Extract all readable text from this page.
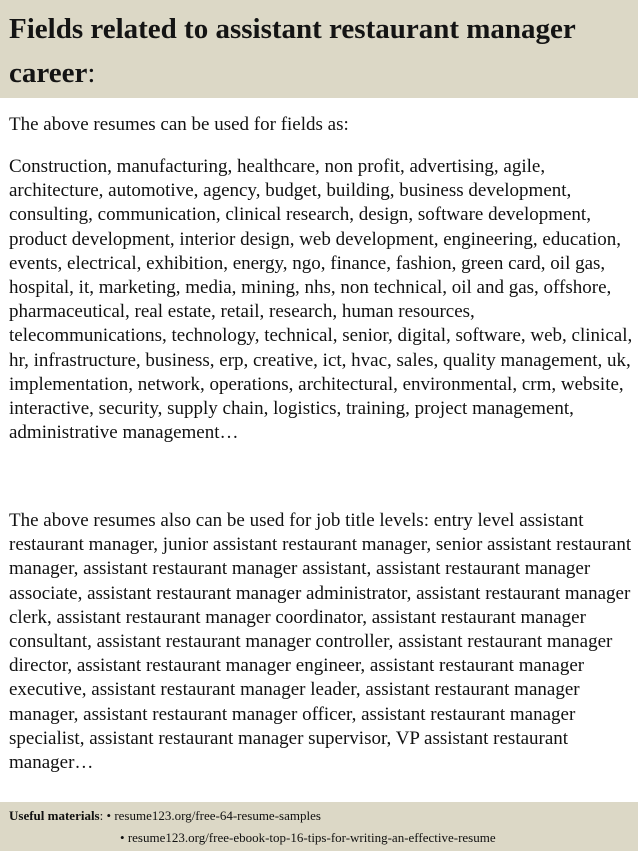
Fields related to assistant restaurant manager career:

The above resumes can be used for fields as:

Construction, manufacturing, healthcare, non profit, advertising, agile, architecture, automotive, agency, budget, building, business development, consulting, communication, clinical research, design, software development, product development, interior design, web development, engineering, education, events, electrical, exhibition, energy, ngo, finance, fashion, green card, oil gas, hospital, it, marketing, media, mining, nhs, non technical, oil and gas, offshore, pharmaceutical, real estate, retail, research, human resources, telecommunications, technology, technical, senior, digital, software, web, clinical, hr, infrastructure, business, erp, creative, ict, hvac, sales, quality management, uk, implementation, network, operations, architectural, environmental, crm, website, interactive, security, supply chain, logistics, training, project management, administrative management…

The above resumes also can be used for job title levels: entry level assistant restaurant manager, junior assistant restaurant manager, senior assistant restaurant manager, assistant restaurant manager assistant, assistant restaurant manager associate, assistant restaurant manager administrator, assistant restaurant manager clerk, assistant restaurant manager coordinator, assistant restaurant manager consultant, assistant restaurant manager controller, assistant restaurant manager director, assistant restaurant manager engineer, assistant restaurant manager executive, assistant restaurant manager leader, assistant restaurant manager manager, assistant restaurant manager officer, assistant restaurant manager specialist, assistant restaurant manager supervisor, VP assistant restaurant manager…

Useful materials: • resume123.org/free-64-resume-samples
• resume123.org/free-ebook-top-16-tips-for-writing-an-effective-resume
